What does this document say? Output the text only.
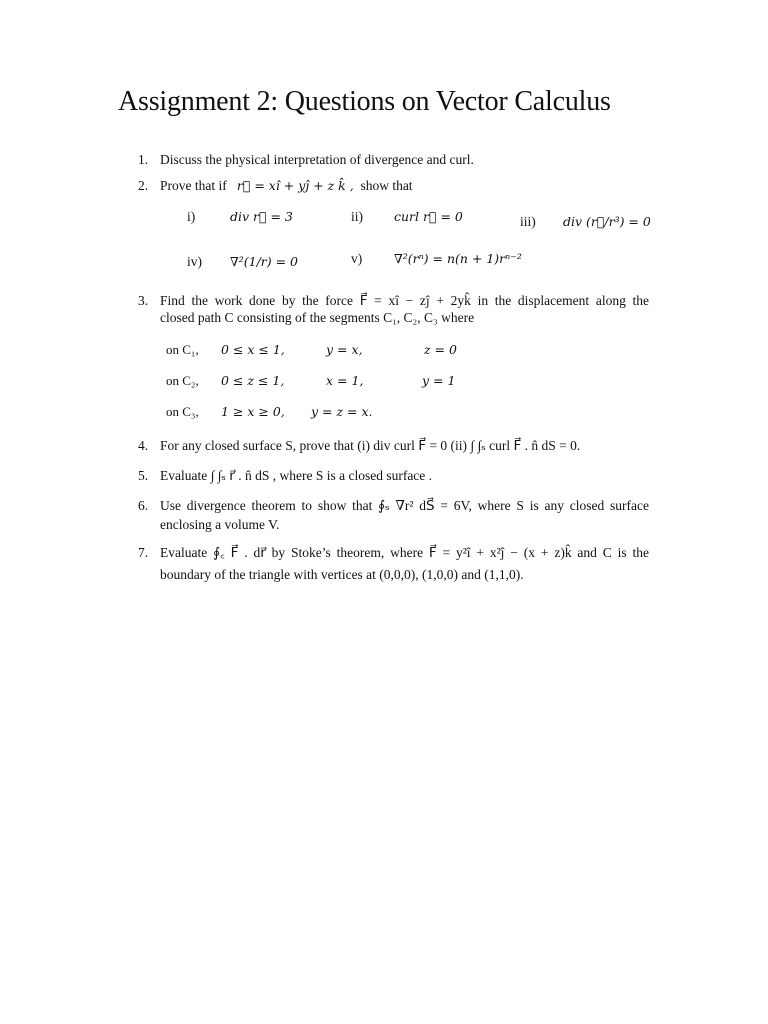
Assignment 2: Questions on Vector Calculus
1. Discuss the physical interpretation of divergence and curl.
2. Prove that if r⃗ = xî + yĵ + z k̂ , show that
i)	div r⃗ = 3	ii) curl r⃗ = 0	iii) div (r⃗/r³) = 0
iv) ∇²(1/r) = 0	v)	∇²(rⁿ) = n(n + 1)rⁿ⁻²
3. Find the work done by the force F⃗ = xî − zĵ + 2yk̂ in the displacement along the
closed path C consisting of the segments C₁, C₂, C₃ where
on C₁, 0 ≤ x ≤ 1,	y = x,	z = 0
on C₂, 0 ≤ z ≤ 1,	x = 1,	y = 1
on C₃, 1 ≥ x ≥ 0, y = z = x.
4. For any closed surface S, prove that (i) div curl F⃗ = 0 (ii) ∫ ∫ₛ curl F⃗ . n̂ dS = 0.
5. Evaluate ∫ ∫ₛ r⃗ . n̂ dS , where S is a closed surface .
6. Use divergence theorem to show that ∮ₛ ∇r² dS⃗ = 6V, where S is any closed surface
enclosing a volume V.
7. Evaluate ∮꜀ F⃗ . dr⃗ by Stoke’s theorem, where F⃗ = y²î + x²ĵ − (x + z)k̂ and C is the
boundary of the triangle with vertices at (0,0,0), (1,0,0) and (1,1,0).
